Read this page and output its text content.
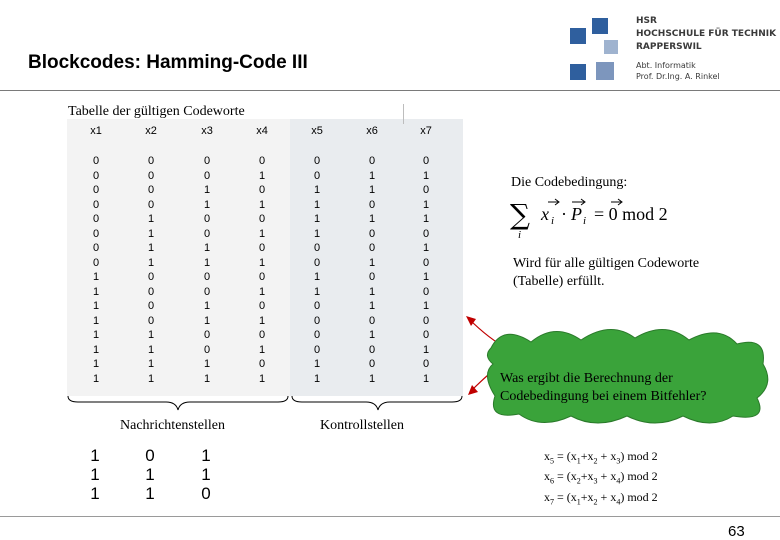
Blockcodes: Hamming-Code III
HSR
HOCHSCHULE FÜR TECHNIK
RAPPERSWIL
Abt. Informatik
Prof. Dr.Ing. A. Rinkel
Tabelle der gültigen Codeworte
x1	x2	x3	x4	x5	x6	x7
0	0	0	0	0	0	0
0	0	0	1	0	1	1
0	0	1	0	1	1	0
0	0	1	1	1	0	1
0	1	0	0	1	1	1
0	1	0	1	1	0	0
0	1	1	0	0	0	1
0	1	1	1	0	1	0
1	0	0	0	1	0	1
1	0	0	1	1	1	0
1	0	1	0	0	1	1
1	0	1	1	0	0	0
1	1	0	0	0	1	0
1	1	0	1	0	0	1
1	1	1	0	1	0	0
1	1	1	1	1	1	1
Nachrichtenstellen	Kontrollstellen
1	0	1
1	1	1
1	1	0
Die Codebedingung:
∑
i
x i · P i = 0 mod 2
Wird für alle gültigen Codeworte (Tabelle) erfüllt.
Was ergibt die Berechnung der Codebedingung bei einem Bitfehler?
$x_5 = (x_1+x_2 + x_3)$ mod 2
$x_6 = (x_2+x_3 + x_4)$ mod 2
$x_7 = (x_1+x_2 + x_4)$ mod 2
63
